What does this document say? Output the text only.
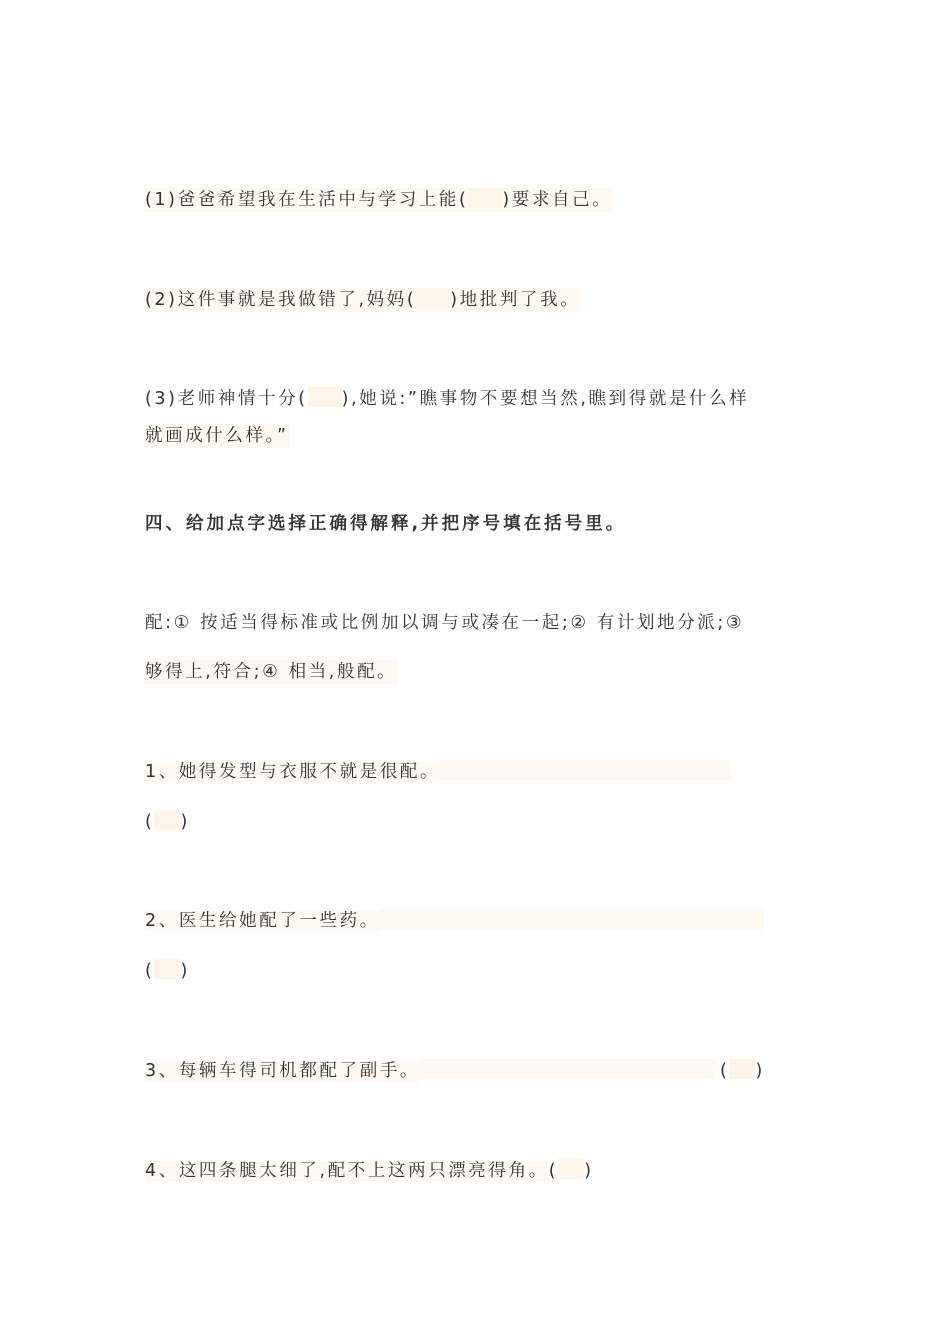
(1)爸爸希望我在生活中与学习上能( )要求自己。
(2)这件事就是我做错了,妈妈( )地批判了我。
(3)老师神情十分( ),她说:”瞧事物不要想当然,瞧到得就是什么样
就画成什么样。”
四、给加点字选择正确得解释,并把序号填在括号里。
配:① 按适当得标准或比例加以调与或凑在一起;② 有计划地分派;③
够得上,符合;④ 相当,般配。
1、她得发型与衣服不就是很配。
( )
2、医生给她配了一些药。
( )
3、每辆车得司机都配了副手。	( )
4、这四条腿太细了,配不上这两只漂亮得角。( )
